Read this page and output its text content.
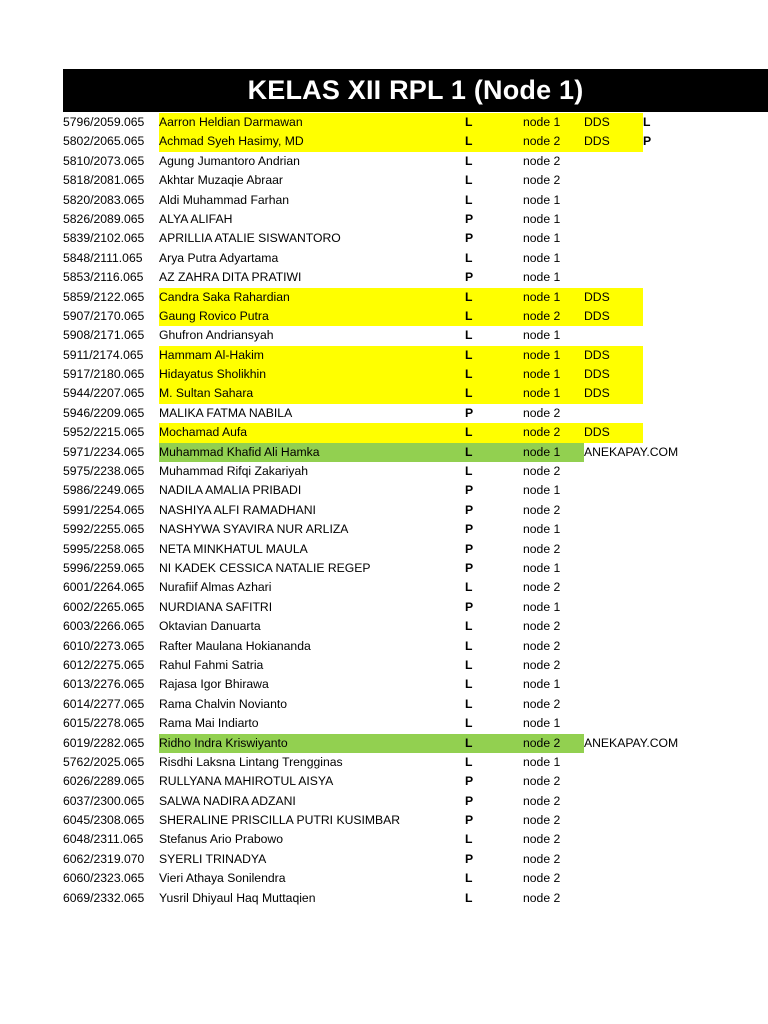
KELAS XII RPL 1 (Node 1)
5796/2059.065	Aarron Heldian Darmawan	L	node 1	DDS	L
5802/2065.065	Achmad Syeh Hasimy, MD	L	node 2	DDS	P
5810/2073.065	Agung Jumantoro Andrian	L	node 2
5818/2081.065	Akhtar Muzaqie Abraar	L	node 2
5820/2083.065	Aldi Muhammad Farhan	L	node 1
5826/2089.065	ALYA ALIFAH	P	node 1
5839/2102.065	APRILLIA ATALIE SISWANTORO	P	node 1
5848/2111.065	Arya Putra Adyartama	L	node 1
5853/2116.065	AZ ZAHRA DITA PRATIWI	P	node 1
5859/2122.065	Candra Saka Rahardian	L	node 1	DDS
5907/2170.065	Gaung Rovico Putra	L	node 2	DDS
5908/2171.065	Ghufron Andriansyah	L	node 1
5911/2174.065	Hammam Al-Hakim	L	node 1	DDS
5917/2180.065	Hidayatus Sholikhin	L	node 1	DDS
5944/2207.065	M. Sultan Sahara	L	node 1	DDS
5946/2209.065	MALIKA FATMA NABILA	P	node 2
5952/2215.065	Mochamad Aufa	L	node 2	DDS
5971/2234.065	Muhammad Khafid Ali Hamka	L	node 1	ANEKAPAY.COM
5975/2238.065	Muhammad Rifqi Zakariyah	L	node 2
5986/2249.065	NADILA AMALIA PRIBADI	P	node 1
5991/2254.065	NASHIYA ALFI RAMADHANI	P	node 2
5992/2255.065	NASHYWA SYAVIRA NUR ARLIZA	P	node 1
5995/2258.065	NETA MINKHATUL MAULA	P	node 2
5996/2259.065	NI KADEK CESSICA NATALIE REGEP	P	node 1
6001/2264.065	Nurafiif Almas Azhari	L	node 2
6002/2265.065	NURDIANA SAFITRI	P	node 1
6003/2266.065	Oktavian Danuarta	L	node 2
6010/2273.065	Rafter Maulana Hokiananda	L	node 2
6012/2275.065	Rahul Fahmi Satria	L	node 2
6013/2276.065	Rajasa Igor Bhirawa	L	node 1
6014/2277.065	Rama Chalvin Novianto	L	node 2
6015/2278.065	Rama Mai Indiarto	L	node 1
6019/2282.065	Ridho Indra Kriswiyanto	L	node 2	ANEKAPAY.COM
5762/2025.065	Risdhi Laksna Lintang Trengginas	L	node 1
6026/2289.065	RULLYANA MAHIROTUL AISYA	P	node 2
6037/2300.065	SALWA NADIRA ADZANI	P	node 2
6045/2308.065	SHERALINE PRISCILLA PUTRI KUSIMBAR	P	node 2
6048/2311.065	Stefanus Ario Prabowo	L	node 2
6062/2319.070	SYERLI TRINADYA	P	node 2
6060/2323.065	Vieri Athaya Sonilendra	L	node 2
6069/2332.065	Yusril Dhiyaul Haq Muttaqien	L	node 2
